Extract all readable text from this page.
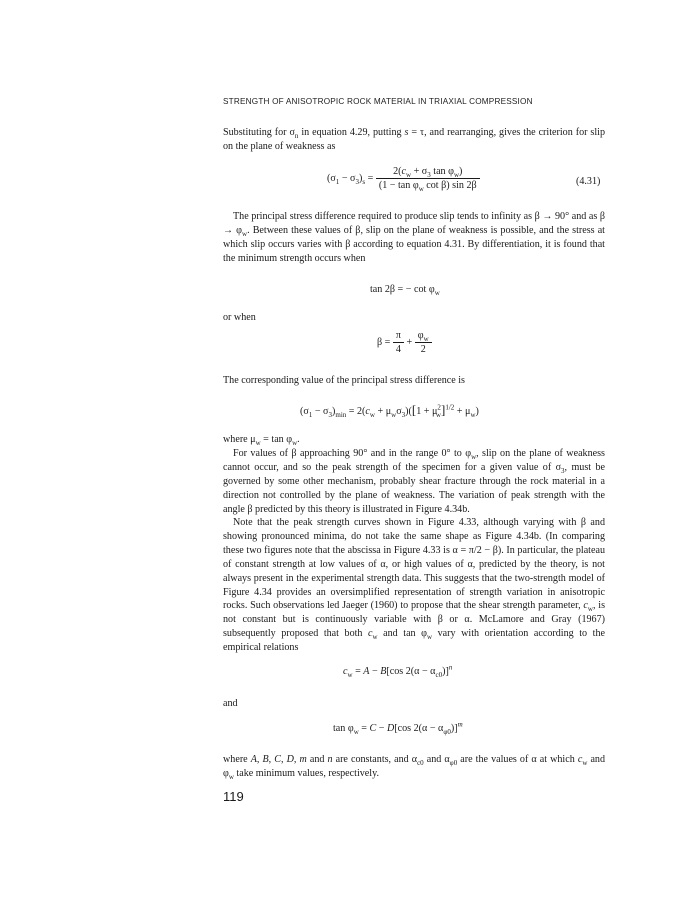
STRENGTH OF ANISOTROPIC ROCK MATERIAL IN TRIAXIAL COMPRESSION
Substituting for $\sigma_n$ in equation 4.29, putting s = τ, and rearranging, gives the criterion for slip on the plane of weakness as
$(\sigma_1 - \sigma_3)_s = \frac{2(c_w + \sigma_3 \tan \varphi_w)}{(1 - \tan \varphi_w \cot \beta) \sin 2\beta}$	(4.31)
The principal stress difference required to produce slip tends to infinity as β → 90° and as $\beta \to \varphi_w$. Between these values of β, slip on the plane of weakness is possible, and the stress at which slip occurs varies with β according to equation 4.31. By differentiation, it is found that the minimum strength occurs when
tan 2β = − $\cot \varphi_w$
or when
$\beta = \frac{\pi}{4} + \frac{\varphi_w}{2}$
The corresponding value of the principal stress difference is
$(\sigma_1 - \sigma_3)_{min} = 2(c_w + \mu_w\sigma_3)([1 + \mu^2_w]^{1/2} + \mu_w)$
where $\mu_w = \tan \varphi_w$.
For values of β approaching 90° and in the range 0° to $\varphi_w$, slip on the plane of weakness cannot occur, and so the peak strength of the specimen for a given value of $\sigma_3$, must be governed by some other mechanism, probably shear fracture through the rock material in a direction not controlled by the plane of weakness. The variation of peak strength with the angle β predicted by this theory is illustrated in Figure 4.34b.
Note that the peak strength curves shown in Figure 4.33, although varying with β and showing pronounced minima, do not take the same shape as Figure 4.34b. (In comparing these two figures note that the abscissa in Figure 4.33 is α = π/2 − β). In particular, the plateau of constant strength at low values of α, or high values of α, predicted by the theory, is not always present in the experimental strength data. This suggests that the two-strength model of Figure 4.34 provides an oversimplified representation of strength variation in anisotropic rocks. Such observations led Jaeger (1960) to propose that the shear strength parameter, $c_w$, is not constant but is continuously variable with β or α. McLamore and Gray (1967) subsequently proposed that both $c_w$ and $\tan \varphi_w$ vary with orientation according to the empirical relations
$c_w = A - B[\cos$ $2(\alpha - \alpha_{c0})]^n$
and
$\tan \varphi_w = C - D[\cos$ $2(\alpha - \alpha_{\varphi 0})]^m$
where A, B, C, D, m and n are constants, and $\alpha_{c0}$ and $\alpha_{\varphi 0}$ are the values of α at which $c_w$ and $\varphi_w$ take minimum values, respectively.
119
